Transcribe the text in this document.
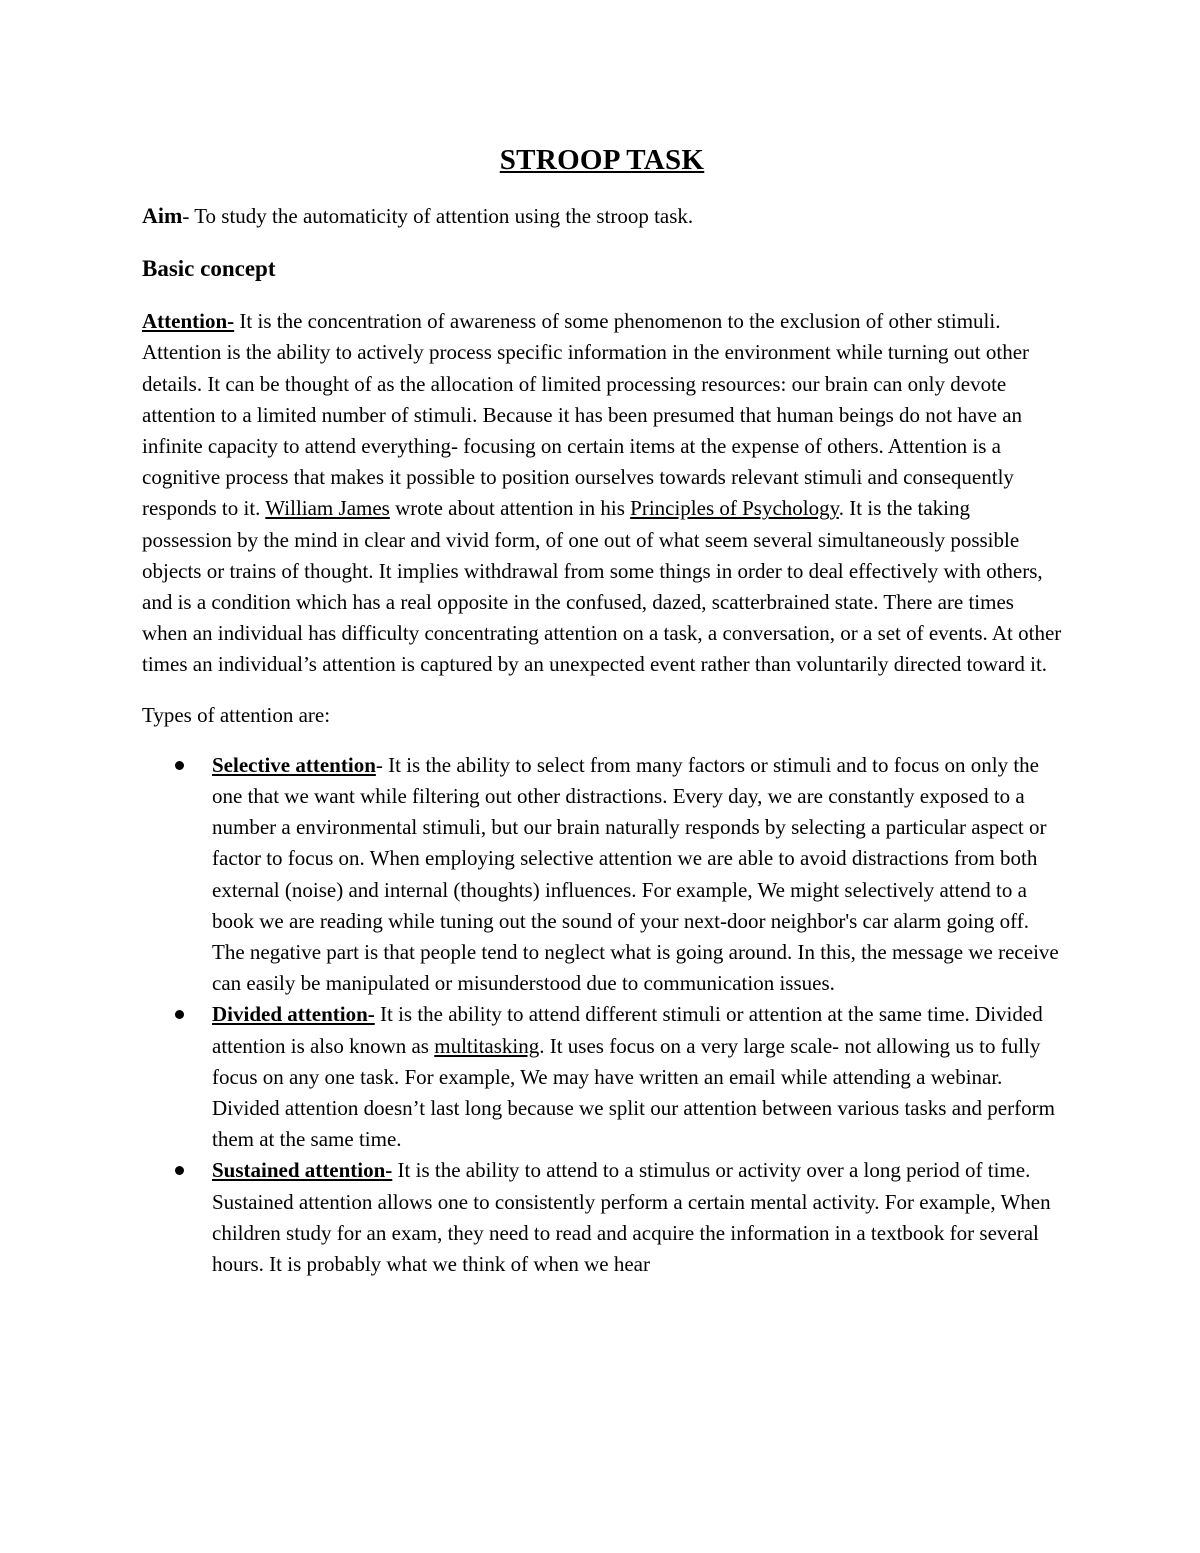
STROOP TASK

Aim- To study the automaticity of attention using the stroop task.

Basic concept

Attention- It is the concentration of awareness of some phenomenon to the exclusion of other stimuli. Attention is the ability to actively process specific information in the environment while turning out other details. It can be thought of as the allocation of limited processing resources: our brain can only devote attention to a limited number of stimuli. Because it has been presumed that human beings do not have an infinite capacity to attend everything- focusing on certain items at the expense of others. Attention is a cognitive process that makes it possible to position ourselves towards relevant stimuli and consequently responds to it. William James wrote about attention in his Principles of Psychology. It is the taking possession by the mind in clear and vivid form, of one out of what seem several simultaneously possible objects or trains of thought. It implies withdrawal from some things in order to deal effectively with others, and is a condition which has a real opposite in the confused, dazed, scatterbrained state. There are times when an individual has difficulty concentrating attention on a task, a conversation, or a set of events. At other times an individual’s attention is captured by an unexpected event rather than voluntarily directed toward it.

Types of attention are:

Selective attention- It is the ability to select from many factors or stimuli and to focus on only the one that we want while filtering out other distractions. Every day, we are constantly exposed to a number a environmental stimuli, but our brain naturally responds by selecting a particular aspect or factor to focus on. When employing selective attention we are able to avoid distractions from both external (noise) and internal (thoughts) influences. For example, We might selectively attend to a book we are reading while tuning out the sound of your next-door neighbor's car alarm going off. The negative part is that people tend to neglect what is going around. In this, the message we receive can easily be manipulated or misunderstood due to communication issues.
Divided attention- It is the ability to attend different stimuli or attention at the same time. Divided attention is also known as multitasking. It uses focus on a very large scale- not allowing us to fully focus on any one task. For example, We may have written an email while attending a webinar. Divided attention doesn’t last long because we split our attention between various tasks and perform them at the same time.
Sustained attention- It is the ability to attend to a stimulus or activity over a long period of time. Sustained attention allows one to consistently perform a certain mental activity. For example, When children study for an exam, they need to read and acquire the information in a textbook for several hours. It is probably what we think of when we hear
